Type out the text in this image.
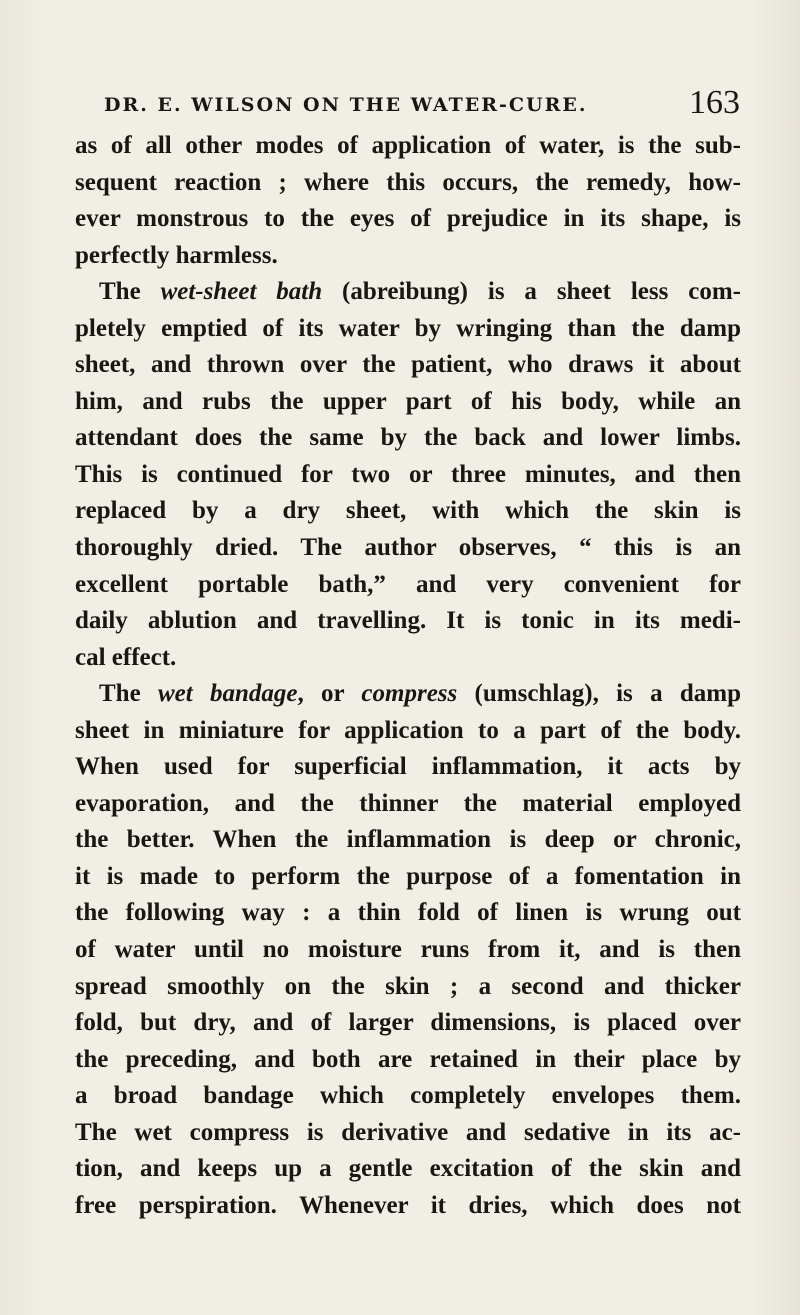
DR. E. WILSON ON THE WATER-CURE.	163
as of all other modes of application of water, is the sub-
sequent reaction ; where this occurs, the remedy, how-
ever monstrous to the eyes of prejudice in its shape, is
perfectly harmless.
The wet-sheet bath (abreibung) is a sheet less com-
pletely emptied of its water by wringing than the damp
sheet, and thrown over the patient, who draws it about
him, and rubs the upper part of his body, while an
attendant does the same by the back and lower limbs.
This is continued for two or three minutes, and then
replaced by a dry sheet, with which the skin is
thoroughly dried. The author observes, “ this is an
excellent portable bath,” and very convenient for
daily ablution and travelling. It is tonic in its medi-
cal effect.
The wet bandage, or compress (umschlag), is a damp
sheet in miniature for application to a part of the body.
When used for superficial inflammation, it acts by
evaporation, and the thinner the material employed
the better. When the inflammation is deep or chronic,
it is made to perform the purpose of a fomentation in
the following way : a thin fold of linen is wrung out
of water until no moisture runs from it, and is then
spread smoothly on the skin ; a second and thicker
fold, but dry, and of larger dimensions, is placed over
the preceding, and both are retained in their place by
a broad bandage which completely envelopes them.
The wet compress is derivative and sedative in its ac-
tion, and keeps up a gentle excitation of the skin and
free perspiration. Whenever it dries, which does not
